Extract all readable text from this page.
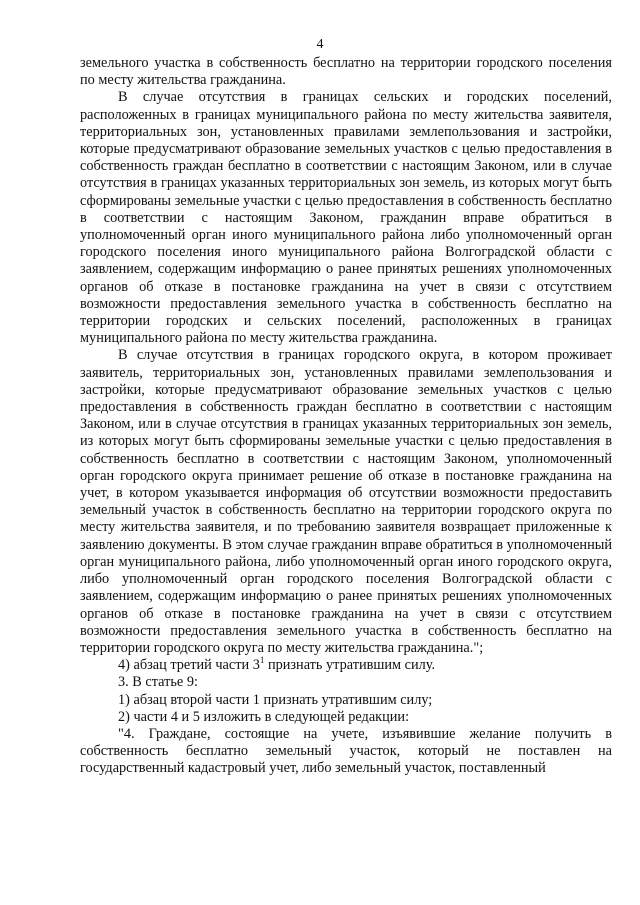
4

земельного участка в собственность бесплатно на территории городского поселения по месту жительства гражданина.

В случае отсутствия в границах сельских и городских поселений, расположенных в границах муниципального района по месту жительства заявителя, территориальных зон, установленных правилами землепользования и застройки, которые предусматривают образование земельных участков с целью предоставления в собственность граждан бесплатно в соответствии с настоящим Законом, или в случае отсутствия в границах указанных территориальных зон земель, из которых могут быть сформированы земельные участки с целью предоставления в собственность бесплатно в соответствии с настоящим Законом, гражданин вправе обратиться в уполномоченный орган иного муниципального района либо уполномоченный орган городского поселения иного муниципального района Волгоградской области с заявлением, содержащим информацию о ранее принятых решениях уполномоченных органов об отказе в постановке гражданина на учет в связи с отсутствием возможности предоставления земельного участка в собственность бесплатно на территории городских и сельских поселений, расположенных в границах муниципального района по месту жительства гражданина.

В случае отсутствия в границах городского округа, в котором проживает заявитель, территориальных зон, установленных правилами землепользования и застройки, которые предусматривают образование земельных участков с целью предоставления в собственность граждан бесплатно в соответствии с настоящим Законом, или в случае отсутствия в границах указанных территориальных зон земель, из которых могут быть сформированы земельные участки с целью предоставления в собственность бесплатно в соответствии с настоящим Законом, уполномоченный орган городского округа принимает решение об отказе в постановке гражданина на учет, в котором указывается информация об отсутствии возможности предоставить земельный участок в собственность бесплатно на территории городского округа по месту жительства заявителя, и по требованию заявителя возвращает приложенные к заявлению документы. В этом случае гражданин вправе обратиться в уполномоченный орган муниципального района, либо уполномоченный орган иного городского округа, либо уполномоченный орган городского поселения Волгоградской области с заявлением, содержащим информацию о ранее принятых решениях уполномоченных органов об отказе в постановке гражданина на учет в связи с отсутствием возможности предоставления земельного участка в собственность бесплатно на территории городского округа по месту жительства гражданина.";

4) абзац третий части $3^1$ признать утратившим силу.

3. В статье 9:

1) абзац второй части 1 признать утратившим силу;

2) части 4 и 5 изложить в следующей редакции:

"4. Граждане, состоящие на учете, изъявившие желание получить в собственность бесплатно земельный участок, который не поставлен на государственный кадастровый учет, либо земельный участок, поставленный
